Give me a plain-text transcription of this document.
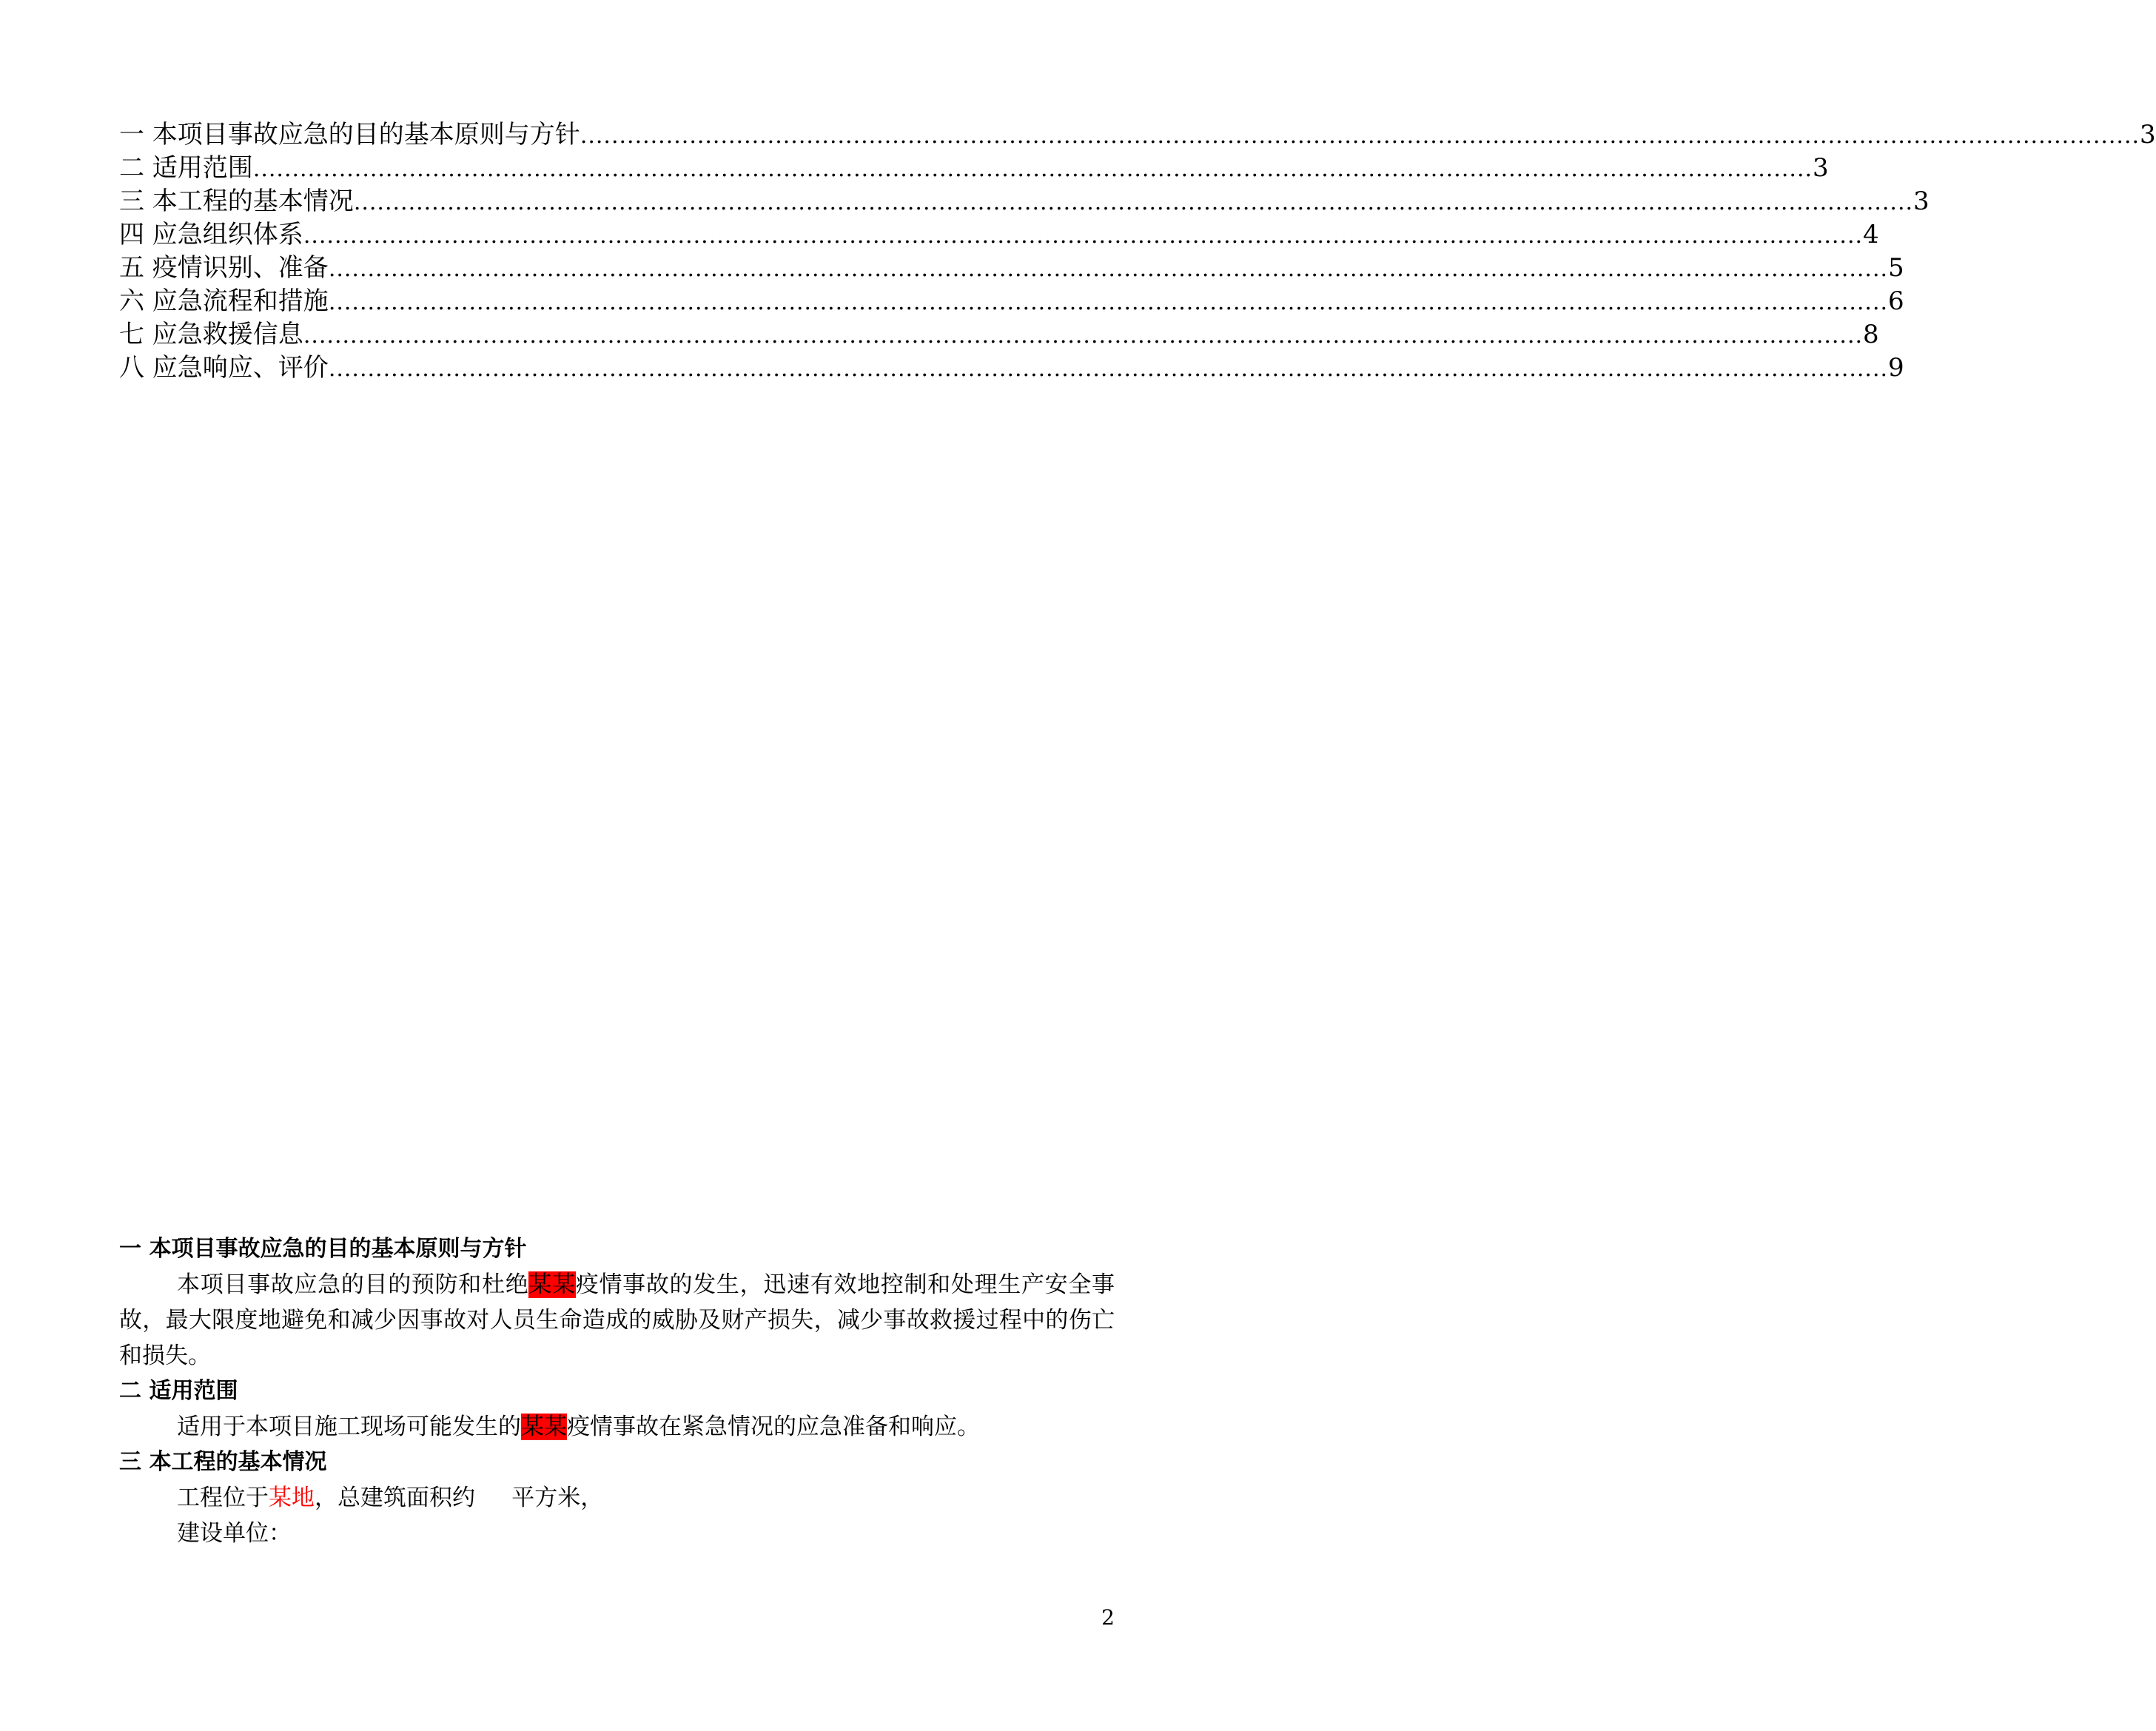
一 本项目事故应急的目的基本原则与方针 ........................................................................................................................................................................................................ 3
二 适用范围 ........................................................................................................................................................................................................ 3
三 本工程的基本情况 ........................................................................................................................................................................................................ 3
四 应急组织体系 ........................................................................................................................................................................................................ 4
五 疫情识别、准备 ........................................................................................................................................................................................................ 5
六 应急流程和措施 ........................................................................................................................................................................................................ 6
七 应急救援信息 ........................................................................................................................................................................................................ 8
八 应急响应、评价 ........................................................................................................................................................................................................ 9
一 本项目事故应急的目的基本原则与方针
本项目事故应急的目的预防和杜绝某某疫情事故的发生，迅速有效地控制和处理生产安全事故，最大限度地避免和减少因事故对人员生命造成的威胁及财产损失，减少事故救援过程中的伤亡和损失。
二 适用范围
适用于本项目施工现场可能发生的某某疫情事故在紧急情况的应急准备和响应。
三 本工程的基本情况
工程位于某地，总建筑面积约     平方米，
建设单位：
2
